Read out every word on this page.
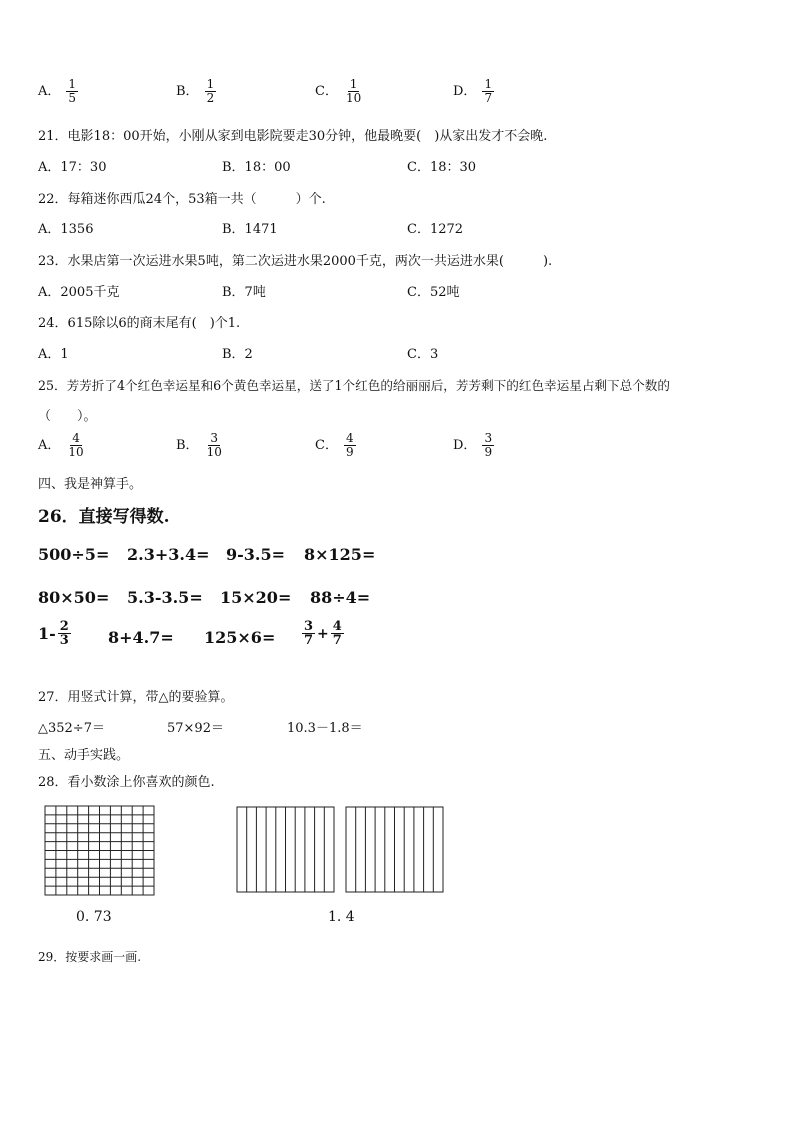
A． $\frac{1}{5}$	B． $\frac{1}{2}$	C． $\frac{1}{10}$	D． $\frac{1}{7}$
21．电影18：00开始，小刚从家到电影院要走30分钟，他最晚要(　)从家出发才不会晚.
A．17：30	B．18：00	C．18：30
22．每箱迷你西瓜24个，53箱一共（　　　）个.
A．1356	B．1471	C．1272
23．水果店第一次运进水果5吨，第二次运进水果2000千克，两次一共运进水果(　　　).
A．2005千克	B．7吨	C．52吨
24．615除以6的商末尾有(　)个1.
A．1	B．2	C．3
25．芳芳折了4个红色幸运星和6个黄色幸运星，送了1个红色的给丽丽后，芳芳剩下的红色幸运星占剩下总个数的
（　　）。
A． $\frac{4}{10}$	B． $\frac{3}{10}$	C． $\frac{4}{9}$	D． $\frac{3}{9}$
四、我是神算手。
26．直接写得数.
500÷5= 2.3+3.4= 9-3.5= 8×125=
80×50= 5.3-3.5= 15×20= 88÷4=
$1- \frac{2}{3} 8+4.7= 125\times 6= \frac{3}{7} + \frac{4}{7}$
27．用竖式计算，带△的要验算。
△352÷7＝	57×92＝	10.3－1.8＝
五、动手实践。
28．看小数涂上你喜欢的颜色.
0. 73	1. 4
29．按要求画一画.
